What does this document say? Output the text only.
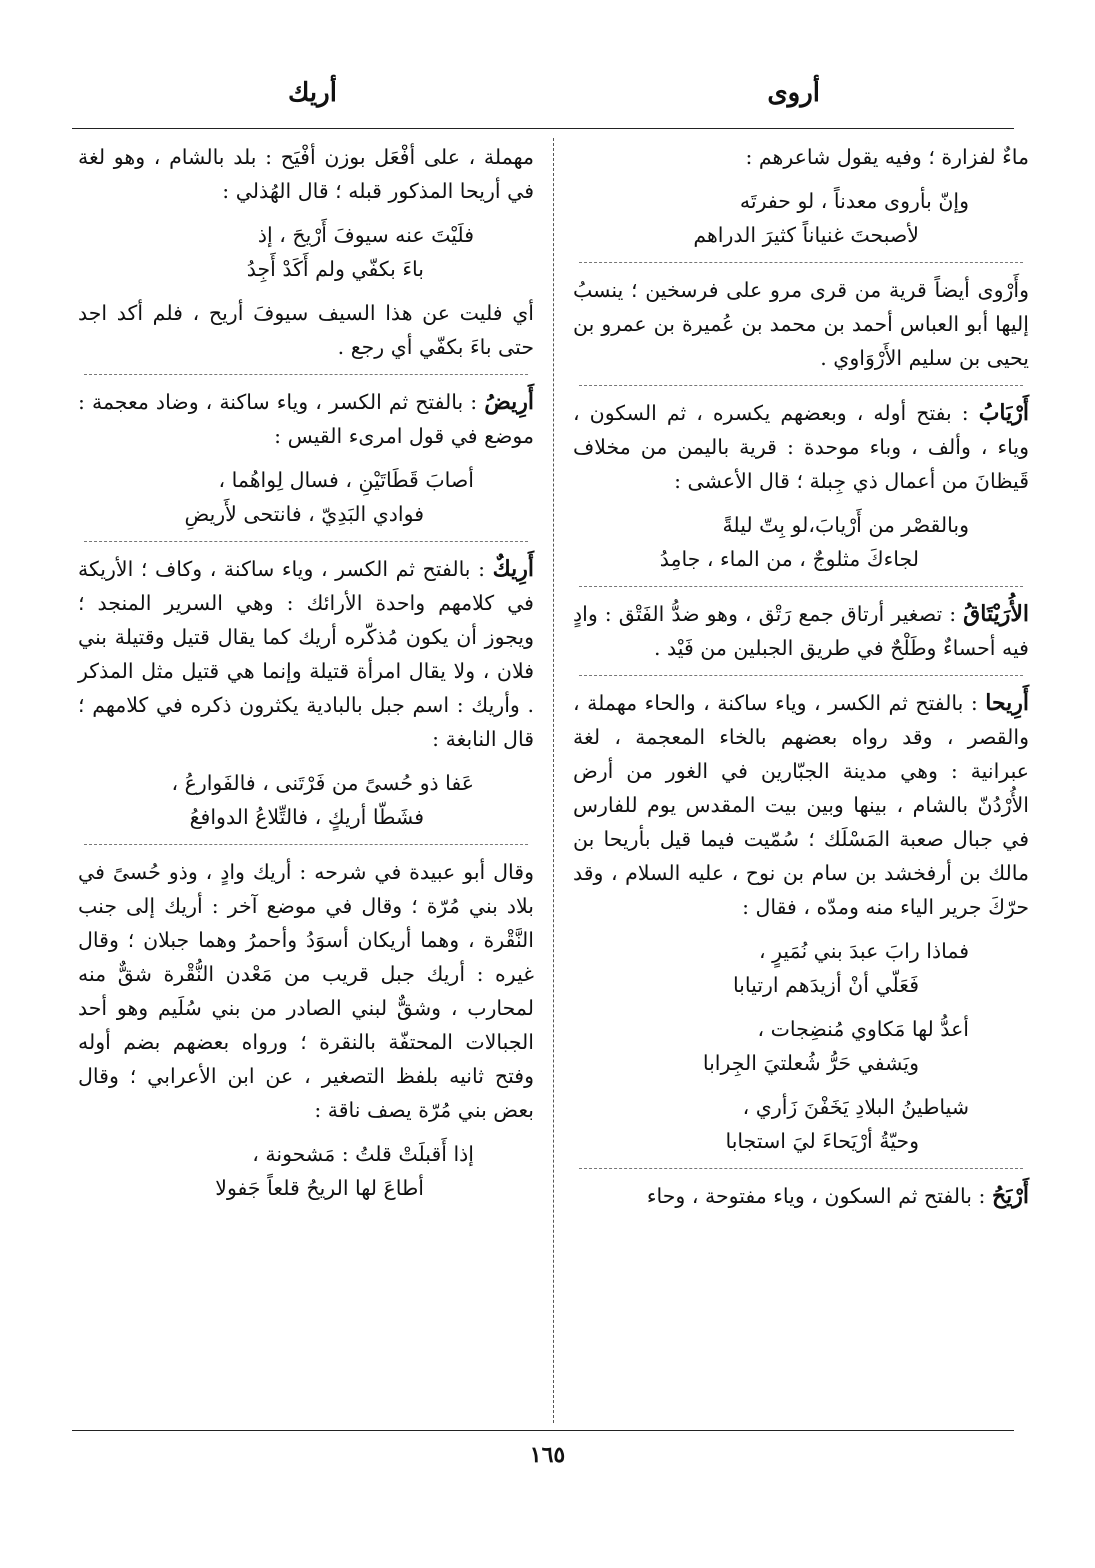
أروى
أريك

ماءٌ لفزارة ؛ وفيه يقول شاعرهم :

وإنّ بأروى معدناً ، لو حفرتَه
لأصبحتَ غنياناً كثيرَ الدراهم

وأَرْوى أيضاً قرية من قرى مرو على فرسخين ؛ ينسبُ إليها أبو العباس أحمد بن محمد بن عُميرة بن عمرو بن يحيى بن سليم الأَرْوَاوي .

أَرْيَابُ : بفتح أوله ، وبعضهم يكسره ، ثم السكون ، وياء ، وألف ، وباء موحدة : قرية باليمن من مخلاف قَيظانَ من أعمال ذي جِبلة ؛ قال الأعشى :

وبالقصْر من أَرْيابَ،لو بِتّ ليلةً
لجاءكَ مثلوجٌ ، من الماء ، جامِدُ

الأُرَيْتَاقُ : تصغير أرتاق جمع رَتْق ، وهو ضدُّ الفَتْق : وادٍ فيه أحساءٌ وطَلْحٌ في طريق الجبلين من فَيْد .

أَرِيحا : بالفتح ثم الكسر ، وياء ساكنة ، والحاء مهملة ، والقصر ، وقد رواه بعضهم بالخاء المعجمة ، لغة عبرانية : وهي مدينة الجبّارين في الغور من أرض الأُرْدُنّ بالشام ، بينها وبين بيت المقدس يوم للفارس في جبال صعبة المَسْلَك ؛ سُمّيت فيما قيل بأريحا بن مالك بن أرفخشد بن سام بن نوح ، عليه السلام ، وقد حرّكَ جرير الياء منه ومدّه ، فقال :

فماذا رابَ عبدَ بني نُمَيرٍ ،
فَعَلّي أنْ أزيدَهم ارتيابا
أعدُّ لها مَكاوي مُنضِجات ،
ويَشفي حَرُّ شُعلتيَ الجِرابا
شياطينُ البلادِ يَخَفْنَ زَأري ،
وحيّةُ أرْيَحاءَ ليَ استجابا

أَرْيَحُ : بالفتح ثم السكون ، وياء مفتوحة ، وحاء

مهملة ، على أفْعَل بوزن أفْيَح : بلد بالشام ، وهو لغة في أريحا المذكور قبله ؛ قال الهُذلي :

فلَيْتَ عنه سيوفَ أَرْيحَ ، إذ
باءَ بكفّي ولم أَكَدْ أَجِدُ

أي فليت عن هذا السيف سيوفَ أريح ، فلم أكد اجد حتى باءَ بكفّي أي رجع .

أَرِيضُ : بالفتح ثم الكسر ، وياء ساكنة ، وضاد معجمة : موضع في قول امرىء القيس :

أصابَ قَطَاتَيْنِ ، فسال لِواهُما ،
فوادي البَدِيّ ، فانتحى لأَريضِ

أَرِيكٌ : بالفتح ثم الكسر ، وياء ساكنة ، وكاف ؛ الأريكة في كلامهم واحدة الأرائك : وهي السرير المنجد ؛ ويجوز أن يكون مُذكّره أريك كما يقال قتيل وقتيلة بني فلان ، ولا يقال امرأة قتيلة وإنما هي قتيل مثل المذكر . وأريك : اسم جبل بالبادية يكثرون ذكره في كلامهم ؛ قال النابغة :

عَفا ذو حُسىً من فَرْتَنى ، فالفَوارعُ ،
فشَطّا أريكٍ ، فالتِّلاعُ الدوافعُ

وقال أبو عبيدة في شرحه : أريك وادٍ ، وذو حُسىً في بلاد بني مُرّة ؛ وقال في موضع آخر : أريك إلى جنب النَّقْرة ، وهما أريكان أسوَدُ وأحمرُ وهما جبلان ؛ وقال غيره : أريك جبل قريب من مَعْدن النُّقْرة شقٌّ منه لمحارب ، وشقٌّ لبني الصادر من بني سُلَيم وهو أحد الجبالات المحتفّة بالنقرة ؛ ورواه بعضهم بضم أوله وفتح ثانيه بلفظ التصغير ، عن ابن الأعرابي ؛ وقال بعض بني مُرّة يصف ناقة :

إذا أَقبلَتْ قلتُ : مَشحونة ،
أطاعَ لها الريحُ قلعاً جَفولا
١٦٥
